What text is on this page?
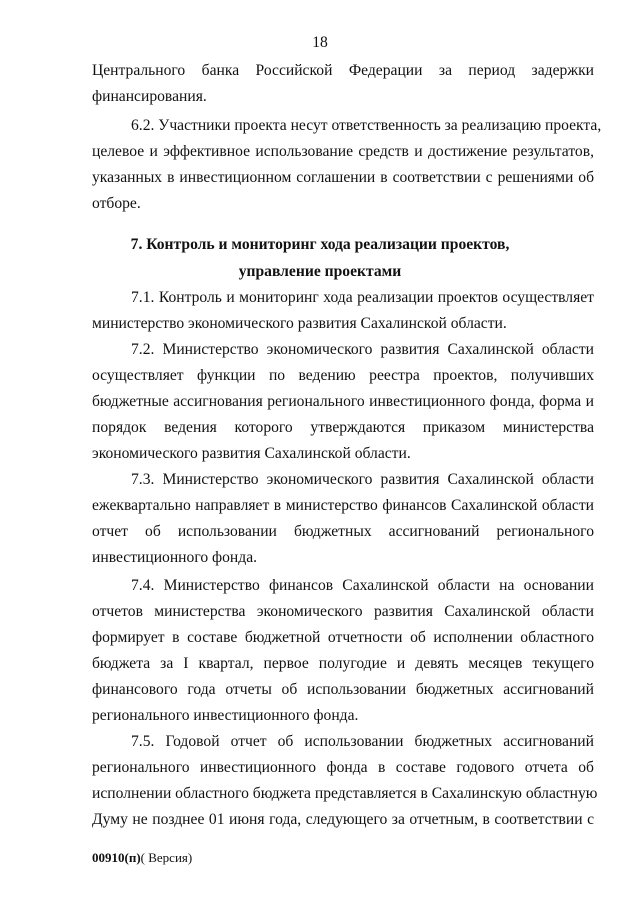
18
Центрального банка Российской Федерации за период задержки
финансирования.
6.2. Участники проекта несут ответственность за реализацию проекта,
целевое и эффективное использование средств и достижение результатов,
указанных в инвестиционном соглашении в соответствии с решениями об
отборе.
7. Контроль и мониторинг хода реализации проектов,
управление проектами
7.1. Контроль и мониторинг хода реализации проектов осуществляет
министерство экономического развития Сахалинской области.
7.2. Министерство экономического развития Сахалинской области
осуществляет функции по ведению реестра проектов, получивших
бюджетные ассигнования регионального инвестиционного фонда, форма и
порядок ведения которого утверждаются приказом министерства
экономического развития Сахалинской области.
7.3. Министерство экономического развития Сахалинской области
ежеквартально направляет в министерство финансов Сахалинской области
отчет об использовании бюджетных ассигнований регионального
инвестиционного фонда.
7.4. Министерство финансов Сахалинской области на основании
отчетов министерства экономического развития Сахалинской области
формирует в составе бюджетной отчетности об исполнении областного
бюджета за I квартал, первое полугодие и девять месяцев текущего
финансового года отчеты об использовании бюджетных ассигнований
регионального инвестиционного фонда.
7.5. Годовой отчет об использовании бюджетных ассигнований
регионального инвестиционного фонда в составе годового отчета об
исполнении областного бюджета представляется в Сахалинскую областную
Думу не позднее 01 июня года, следующего за отчетным, в соответствии с
00910(п)( Версия)
